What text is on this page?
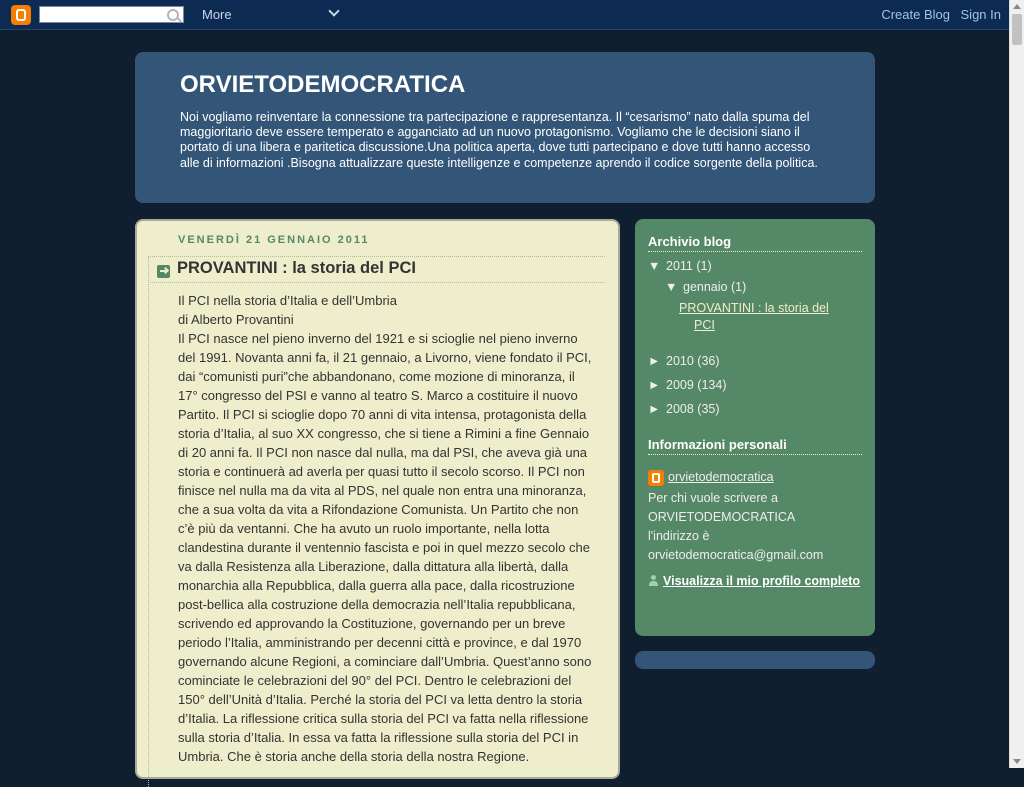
More	Create Blog Sign In
ORVIETODEMOCRATICA
Noi vogliamo reinventare la connessione tra partecipazione e rappresentanza. Il “cesarismo” nato dalla spuma del maggioritario deve essere temperato e agganciato ad un nuovo protagonismo. Vogliamo che le decisioni siano il portato di una libera e paritetica discussione.Una politica aperta, dove tutti partecipano e dove tutti hanno accesso alle di informazioni .Bisogna attualizzare queste intelligenze e competenze aprendo il codice sorgente della politica.
VENERDÌ 21 GENNAIO 2011
PROVANTINI : la storia del PCI

Il PCI nella storia d’Italia e dell’Umbria

di Alberto Provantini

Il PCI nasce nel pieno inverno del 1921 e si scioglie nel pieno inverno del 1991. Novanta anni fa, il 21 gennaio, a Livorno, viene fondato il PCI, dai “comunisti puri”che abbandonano, come mozione di minoranza, il 17° congresso del PSI e vanno al teatro S. Marco a costituire il nuovo Partito. Il PCI si scioglie dopo 70 anni di vita intensa, protagonista della storia d’Italia, al suo XX congresso, che si tiene a Rimini a fine Gennaio di 20 anni fa. Il PCI non nasce dal nulla, ma dal PSI, che aveva già una storia e continuerà ad averla per quasi tutto il secolo scorso. Il PCI non finisce nel nulla ma da vita al PDS, nel quale non entra una minoranza, che a sua volta da vita a Rifondazione Comunista. Un Partito che non c’è più da ventanni. Che ha avuto un ruolo importante, nella lotta clandestina durante il ventennio fascista e poi in quel mezzo secolo che va dalla Resistenza alla Liberazione, dalla dittatura alla libertà, dalla monarchia alla Repubblica, dalla guerra alla pace, dalla ricostruzione post-bellica alla costruzione della democrazia nell’Italia repubblicana, scrivendo ed approvando la Costituzione, governando per un breve periodo l’Italia, amministrando per decenni città e province, e dal 1970 governando alcune Regioni, a cominciare dall’Umbria. Quest’anno sono cominciate le celebrazioni del 90° del PCI. Dentro le celebrazioni del 150° dell’Unità d’Italia. Perché la storia del PCI va letta dentro la storia d’Italia. La riflessione critica sulla storia del PCI va fatta nella riflessione sulla storia d’Italia. In essa va fatta la riflessione sulla storia del PCI in Umbria. Che è storia anche della storia della nostra Regione.

Archivio blog
▼ 2011 (1)
▼ gennaio (1)
PROVANTINI : la storia del
PCI
► 2010 (36)
► 2009 (134)
► 2008 (35)
Informazioni personali
orvietodemocratica
Per chi vuole scrivere a
ORVIETODEMOCRATICA
l'indirizzo è
orvietodemocratica@gmail.com
Visualizza il mio profilo completo
